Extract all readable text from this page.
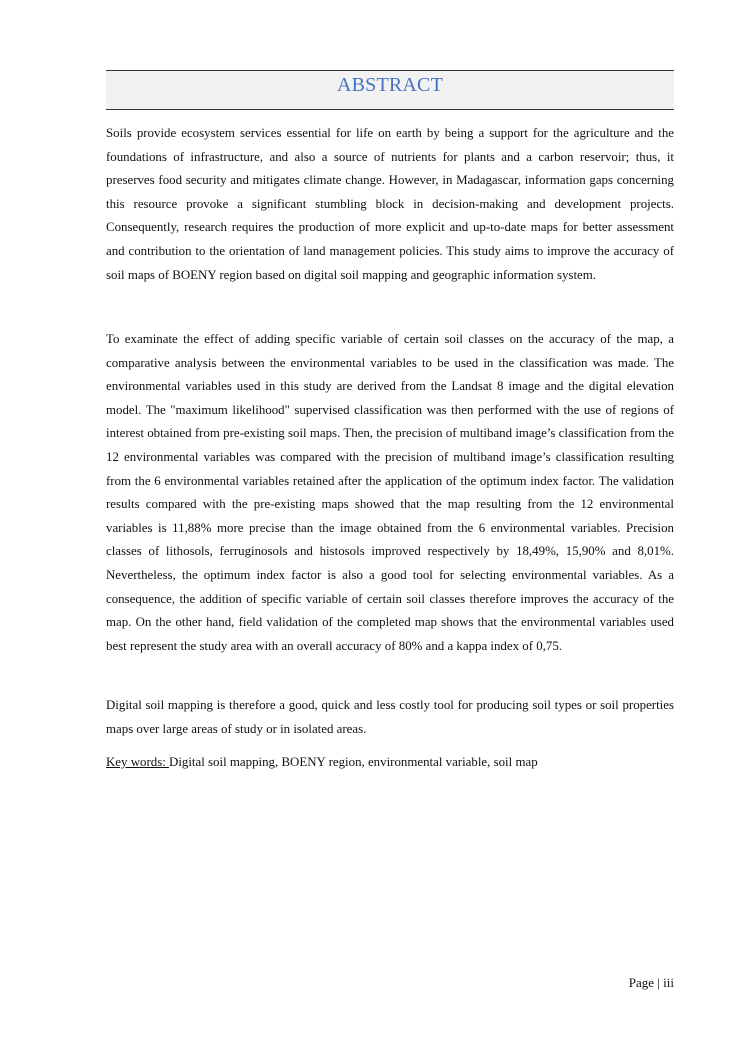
ABSTRACT

Soils provide ecosystem services essential for life on earth by being a support for the agriculture and the foundations of infrastructure, and also a source of nutrients for plants and a carbon reservoir; thus, it preserves food security and mitigates climate change. However, in Madagascar, information gaps concerning this resource provoke a significant stumbling block in decision-making and development projects. Consequently, research requires the production of more explicit and up-to-date maps for better assessment and contribution to the orientation of land management policies. This study aims to improve the accuracy of soil maps of BOENY region based on digital soil mapping and geographic information system.

To examinate the effect of adding specific variable of certain soil classes on the accuracy of the map, a comparative analysis between the environmental variables to be used in the classification was made. The environmental variables used in this study are derived from the Landsat 8 image and the digital elevation model. The "maximum likelihood" supervised classification was then performed with the use of regions of interest obtained from pre-existing soil maps. Then, the precision of multiband image’s classification from the 12 environmental variables was compared with the precision of multiband image’s classification resulting from the 6 environmental variables retained after the application of the optimum index factor. The validation results compared with the pre-existing maps showed that the map resulting from the 12 environmental variables is 11,88% more precise than the image obtained from the 6 environmental variables. Precision classes of lithosols, ferruginosols and histosols improved respectively by 18,49%, 15,90% and 8,01%. Nevertheless, the optimum index factor is also a good tool for selecting environmental variables. As a consequence, the addition of specific variable of certain soil classes therefore improves the accuracy of the map. On the other hand, field validation of the completed map shows that the environmental variables used best represent the study area with an overall accuracy of 80% and a kappa index of 0,75.

Digital soil mapping is therefore a good, quick and less costly tool for producing soil types or soil properties maps over large areas of study or in isolated areas.

Key words: Digital soil mapping, BOENY region, environmental variable, soil map

Page | iii
